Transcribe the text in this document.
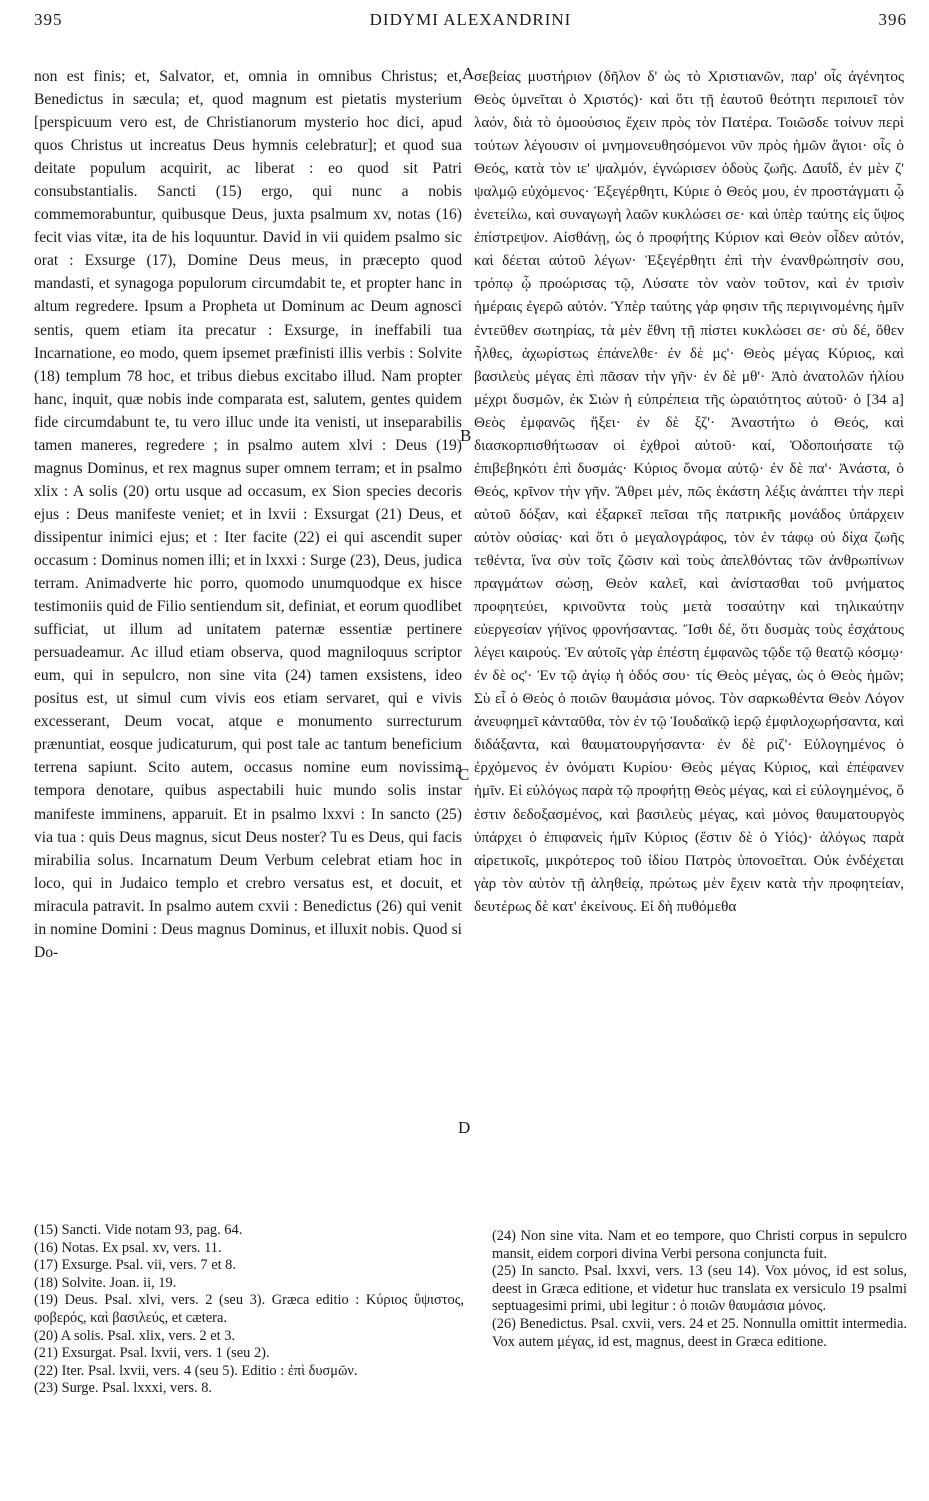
395	DIDYMI ALEXANDRINI	396

non est finis; et, Salvator, et, omnia in omnibus Christus; et, Benedictus in sæcula; et, quod magnum est pietatis mysterium [perspicuum vero est, de Christianorum mysterio hoc dici, apud quos Christus ut increatus Deus hymnis celebratur]; et quod sua deitate populum acquirit, ac liberat : eo quod sit Patri consubstantialis. Sancti (15) ergo, qui nunc a nobis commemorabuntur, quibusque Deus, juxta psalmum xv, notas (16) fecit vias vitæ, ita de his loquuntur. David in vii quidem psalmo sic orat : Exsurge (17), Domine Deus meus, in præcepto quod mandasti, et synagoga populorum circumdabit te, et propter hanc in altum regredere. Ipsum a Propheta ut Dominum ac Deum agnosci sentis, quem etiam ita precatur : Exsurge, in ineffabili tua Incarnatione, eo modo, quem ipsemet præfinisti illis verbis : Solvite (18) templum 78 hoc, et tribus diebus excitabo illud. Nam propter hanc, inquit, quæ nobis inde comparata est, salutem, gentes quidem fide circumdabunt te, tu vero illuc unde ita venisti, ut inseparabilis tamen maneres, regredere ; in psalmo autem xlvi : Deus (19) magnus Dominus, et rex magnus super omnem terram; et in psalmo xlix : A solis (20) ortu usque ad occasum, ex Sion species decoris ejus : Deus manifeste veniet; et in lxvii : Exsurgat (21) Deus, et dissipentur inimici ejus; et : Iter facite (22) ei qui ascendit super occasum : Dominus nomen illi; et in lxxxi : Surge (23), Deus, judica terram. Animadverte hic porro, quomodo unumquodque ex hisce testimoniis quid de Filio sentiendum sit, definiat, et eorum quodlibet sufficiat, ut illum ad unitatem paternæ essentiæ pertinere persuadeamur. Ac illud etiam observa, quod magniloquus scriptor eum, qui in sepulcro, non sine vita (24) tamen exsistens, ideo positus est, ut simul cum vivis eos etiam servaret, qui e vivis excesserant, Deum vocat, atque e monumento surrecturum prænuntiat, eosque judicaturum, qui post tale ac tantum beneficium terrena sapiunt. Scito autem, occasus nomine eum novissima tempora denotare, quibus aspectabili huic mundo solis instar manifeste imminens, apparuit. Et in psalmo lxxvi : In sancto (25) via tua : quis Deus magnus, sicut Deus noster? Tu es Deus, qui facis mirabilia solus. Incarnatum Deum Verbum celebrat etiam hoc in loco, qui in Judaico templo et crebro versatus est, et docuit, et miracula patravit. In psalmo autem cxvii : Benedictus (26) qui venit in nomine Domini : Deus magnus Dominus, et illuxit nobis. Quod si Do-

A
B
C
D

σεβείας μυστήριον (δῆλον δ' ὡς τὸ Χριστιανῶν, παρ' οἷς ἀγένητος Θεὸς ὑμνεῖται ὁ Χριστός)· καὶ ὅτι τῇ ἑαυτοῦ θεότητι περιποιεῖ τὸν λαόν, διὰ τὸ ὁμοούσιος ἔχειν πρὸς τὸν Πατέρα. Τοιῶσδε τοίνυν περὶ τούτων λέγουσιν οἱ μνημονευθησόμενοι νῦν πρὸς ἡμῶν ἅγιοι· οἷς ὁ Θεός, κατὰ τὸν ιε' ψαλμόν, ἐγνώρισεν ὁδοὺς ζωῆς. Δαυΐδ, ἐν μὲν ζ' ψαλμῷ εὐχόμενος· Ἐξεγέρθητι, Κύριε ὁ Θεός μου, ἐν προστάγματι ᾧ ἐνετείλω, καὶ συναγωγὴ λαῶν κυκλώσει σε· καὶ ὑπὲρ ταύτης εἰς ὕψος ἐπίστρεψον. Αἰσθάνῃ, ὡς ὁ προφήτης Κύριον καὶ Θεὸν οἶδεν αὐτόν, καὶ δέεται αὐτοῦ λέγων· Ἐξεγέρθητι ἐπὶ τὴν ἐνανθρώπησίν σου, τρόπῳ ᾧ προώρισας τῷ, Λύσατε τὸν ναὸν τοῦτον, καὶ ἐν τρισὶν ἡμέραις ἐγερῶ αὐτόν. Ὑπὲρ ταύτης γάρ φησιν τῆς περιγινομένης ἡμῖν ἐντεῦθεν σωτηρίας, τὰ μὲν ἔθνη τῇ πίστει κυκλώσει σε· σὺ δέ, ὅθεν ἧλθες, ἀχωρίστως ἐπάνελθε· ἐν δὲ μς'· Θεὸς μέγας Κύριος, καὶ βασιλεὺς μέγας ἐπὶ πᾶσαν τὴν γῆν· ἐν δὲ μθ'· Ἀπὸ ἀνατολῶν ἡλίου μέχρι δυσμῶν, ἐκ Σιὼν ἡ εὐπρέπεια τῆς ὡραιότητος αὐτοῦ· ὁ [34 a] Θεὸς ἐμφανῶς ἥξει· ἐν δὲ ξζ'· Ἀναστήτω ὁ Θεός, καὶ διασκορπισθήτωσαν οἱ ἐχθροὶ αὐτοῦ· καί, Ὁδοποιήσατε τῷ ἐπιβεβηκότι ἐπὶ δυσμάς· Κύριος ὄνομα αὐτῷ· ἐν δὲ πα'· Ἀνάστα, ὁ Θεός, κρῖνον τὴν γῆν. Ἄθρει μέν, πῶς ἑκάστη λέξις ἀνάπτει τὴν περὶ αὐτοῦ δόξαν, καὶ ἐξαρκεῖ πεῖσαι τῆς πατρικῆς μονάδος ὑπάρχειν αὐτὸν οὐσίας· καὶ ὅτι ὁ μεγαλογράφος, τὸν ἐν τάφῳ οὐ δίχα ζωῆς τεθέντα, ἵνα σὺν τοῖς ζῶσιν καὶ τοὺς ἀπελθόντας τῶν ἀνθρωπίνων πραγμάτων σώσῃ, Θεὸν καλεῖ, καὶ ἀνίστασθαι τοῦ μνήματος προφητεύει, κρινοῦντα τοὺς μετὰ τοσαύτην καὶ τηλικαύτην εὐεργεσίαν γήϊνος φρονήσαντας. Ἴσθι δέ, ὅτι δυσμὰς τοὺς ἐσχάτους λέγει καιρούς. Ἐν αὐτοῖς γὰρ ἐπέστη ἐμφανῶς τῷδε τῷ θεατῷ κόσμῳ· ἐν δὲ ος'· Ἐν τῷ ἁγίῳ ἡ ὁδός σου· τίς Θεὸς μέγας, ὡς ὁ Θεὸς ἡμῶν; Σὺ εἶ ὁ Θεὸς ὁ ποιῶν θαυμάσια μόνος. Τὸν σαρκωθέντα Θεὸν Λόγον ἀνευφημεῖ κἀνταῦθα, τὸν ἐν τῷ Ἰουδαϊκῷ ἱερῷ ἐμφιλοχωρήσαντα, καὶ διδάξαντα, καὶ θαυματουργήσαντα· ἐν δὲ ριζ'· Εὐλογημένος ὁ ἐρχόμενος ἐν ὀνόματι Κυρίου· Θεὸς μέγας Κύριος, καὶ ἐπέφανεν ἡμῖν. Εἰ εὐλόγως παρὰ τῷ προφήτῃ Θεὸς μέγας, καὶ εἰ εὐλογημένος, ὅ ἐστιν δεδοξασμένος, καὶ βασιλεὺς μέγας, καὶ μόνος θαυματουργὸς ὑπάρχει ὁ ἐπιφανεὶς ἡμῖν Κύριος (ἔστιν δὲ ὁ Υἱός)· ἀλόγως παρὰ αἱρετικοῖς, μικρότερος τοῦ ἰδίου Πατρὸς ὑπονοεῖται. Οὐκ ἐνδέχεται γὰρ τὸν αὐτὸν τῇ ἀληθείᾳ, πρώτως μὲν ἔχειν κατὰ τὴν προφητείαν, δευτέρως δὲ κατ' ἐκείνους. Εἰ δὴ πυθόμεθα

(15) Sancti. Vide notam 93, pag. 64.

(16) Notas. Ex psal. xv, vers. 11.

(17) Exsurge. Psal. vii, vers. 7 et 8.

(18) Solvite. Joan. ii, 19.

(19) Deus. Psal. xlvi, vers. 2 (seu 3). Græca editio : Κύριος ὕψιστος, φοβερός, καὶ βασιλεύς, et cætera.

(20) A solis. Psal. xlix, vers. 2 et 3.

(21) Exsurgat. Psal. lxvii, vers. 1 (seu 2).

(22) Iter. Psal. lxvii, vers. 4 (seu 5). Editio : ἐπὶ δυσμῶν.

(23) Surge. Psal. lxxxi, vers. 8.

(24) Non sine vita. Nam et eo tempore, quo Christi corpus in sepulcro mansit, eidem corpori divina Verbi persona conjuncta fuit.

(25) In sancto. Psal. lxxvi, vers. 13 (seu 14). Vox μόνος, id est solus, deest in Græca editione, et videtur huc translata ex versiculo 19 psalmi septuagesimi primi, ubi legitur : ὁ ποιῶν θαυμάσια μόνος.

(26) Benedictus. Psal. cxvii, vers. 24 et 25. Nonnulla omittit intermedia. Vox autem μέγας, id est, magnus, deest in Græca editione.
